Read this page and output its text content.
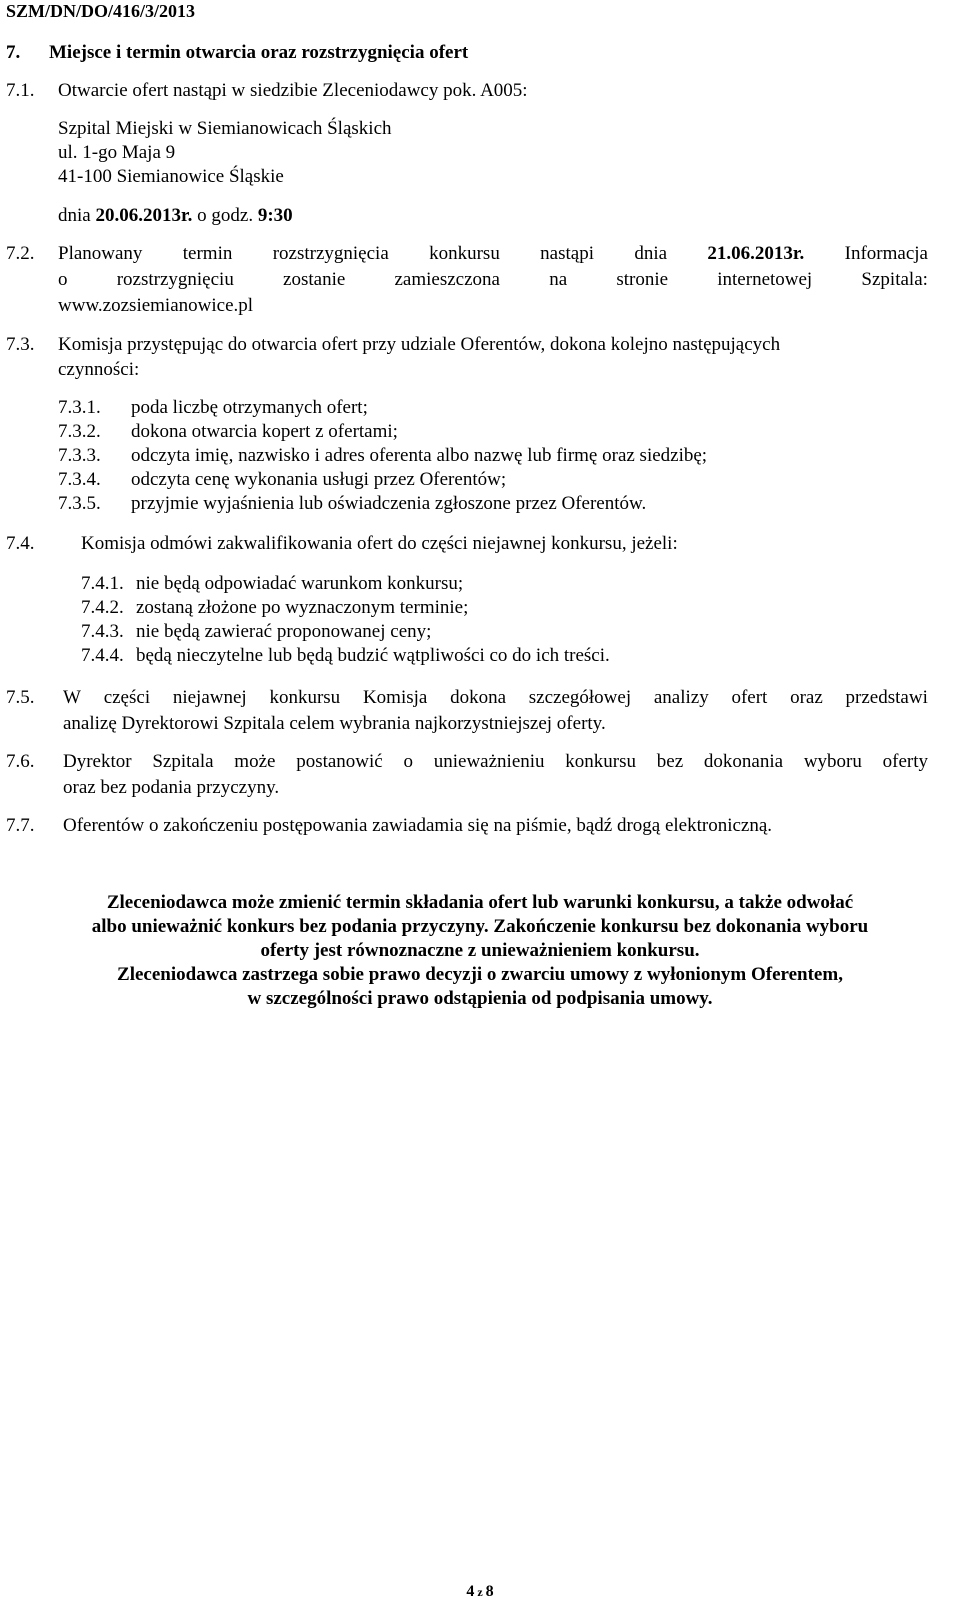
SZM/DN/DO/416/3/2013
7. Miejsce i termin otwarcia oraz rozstrzygnięcia ofert
7.1. Otwarcie ofert nastąpi w siedzibie Zleceniodawcy pok. A005:
Szpital Miejski w Siemianowicach Śląskich
ul. 1-go Maja 9
41-100 Siemianowice Śląskie
dnia 20.06.2013r. o godz. 9:30
7.2. Planowany termin rozstrzygnięcia konkursu nastąpi dnia 21.06.2013r. Informacja
o	rozstrzygnięciu	zostanie	zamieszczona	na	stronie	internetowej	Szpitala:
www.zozsiemianowice.pl
7.3. Komisja przystępując do otwarcia ofert przy udziale Oferentów, dokona kolejno następujących
czynności:
7.3.1. poda liczbę otrzymanych ofert;
7.3.2. dokona otwarcia kopert z ofertami;
7.3.3. odczyta imię, nazwisko i adres oferenta albo nazwę lub firmę oraz siedzibę;
7.3.4. odczyta cenę wykonania usługi przez Oferentów;
7.3.5. przyjmie wyjaśnienia lub oświadczenia zgłoszone przez Oferentów.
7.4. Komisja odmówi zakwalifikowania ofert do części niejawnej konkursu, jeżeli:
7.4.1. nie będą odpowiadać warunkom konkursu;
7.4.2. zostaną złożone po wyznaczonym terminie;
7.4.3. nie będą zawierać proponowanej ceny;
7.4.4. będą nieczytelne lub będą budzić wątpliwości co do ich treści.
7.5. W części niejawnej konkursu Komisja dokona szczegółowej analizy ofert oraz przedstawi
analizę Dyrektorowi Szpitala celem wybrania najkorzystniejszej oferty.
7.6. Dyrektor Szpitala może postanowić o unieważnieniu konkursu bez dokonania wyboru oferty
oraz bez podania przyczyny.
7.7. Oferentów o zakończeniu postępowania zawiadamia się na piśmie, bądź drogą elektroniczną.
Zleceniodawca może zmienić termin składania ofert lub warunki konkursu, a także odwołać
albo unieważnić konkurs bez podania przyczyny. Zakończenie konkursu bez dokonania wyboru
oferty jest równoznaczne z unieważnieniem konkursu.
Zleceniodawca zastrzega sobie prawo decyzji o zwarciu umowy z wyłonionym Oferentem,
w szczególności prawo odstąpienia od podpisania umowy.
4 z 8
